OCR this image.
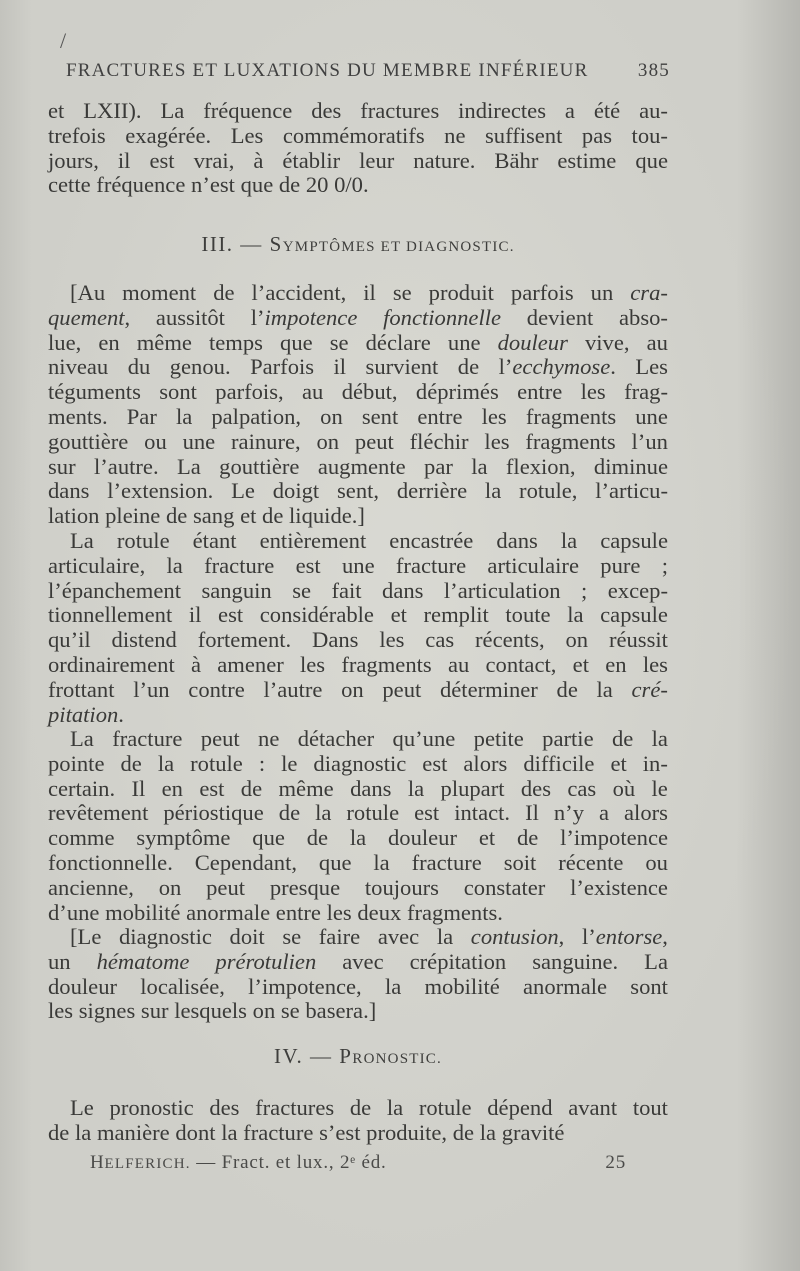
/
FRACTURES ET LUXATIONS DU MEMBRE INFÉRIEUR	385
et LXII). La fréquence des fractures indirectes a été au-
trefois exagérée. Les commémoratifs ne suffisent pas tou-
jours, il est vrai, à établir leur nature. Bähr estime que
cette fréquence n’est que de 20 0/0.
III. — SYMPTÔMES ET DIAGNOSTIC.
[Au moment de l’accident, il se produit parfois un cra-
quement, aussitôt l’impotence fonctionnelle devient abso-
lue, en même temps que se déclare une douleur vive, au
niveau du genou. Parfois il survient de l’ecchymose. Les
téguments sont parfois, au début, déprimés entre les frag-
ments. Par la palpation, on sent entre les fragments une
gouttière ou une rainure, on peut fléchir les fragments l’un
sur l’autre. La gouttière augmente par la flexion, diminue
dans l’extension. Le doigt sent, derrière la rotule, l’articu-
lation pleine de sang et de liquide.]
La rotule étant entièrement encastrée dans la capsule
articulaire, la fracture est une fracture articulaire pure ;
l’épanchement sanguin se fait dans l’articulation ; excep-
tionnellement il est considérable et remplit toute la capsule
qu’il distend fortement. Dans les cas récents, on réussit
ordinairement à amener les fragments au contact, et en les
frottant l’un contre l’autre on peut déterminer de la cré-
pitation.
La fracture peut ne détacher qu’une petite partie de la
pointe de la rotule : le diagnostic est alors difficile et in-
certain. Il en est de même dans la plupart des cas où le
revêtement périostique de la rotule est intact. Il n’y a alors
comme symptôme que de la douleur et de l’impotence
fonctionnelle. Cependant, que la fracture soit récente ou
ancienne, on peut presque toujours constater l’existence
d’une mobilité anormale entre les deux fragments.
[Le diagnostic doit se faire avec la contusion, l’entorse,
un hématome prérotulien avec crépitation sanguine. La
douleur localisée, l’impotence, la mobilité anormale sont
les signes sur lesquels on se basera.]
IV. — PRONOSTIC.
Le pronostic des fractures de la rotule dépend avant tout
de la manière dont la fracture s’est produite, de la gravité
HELFERICH. — Fract. et lux., 2ᵉ éd.	25
